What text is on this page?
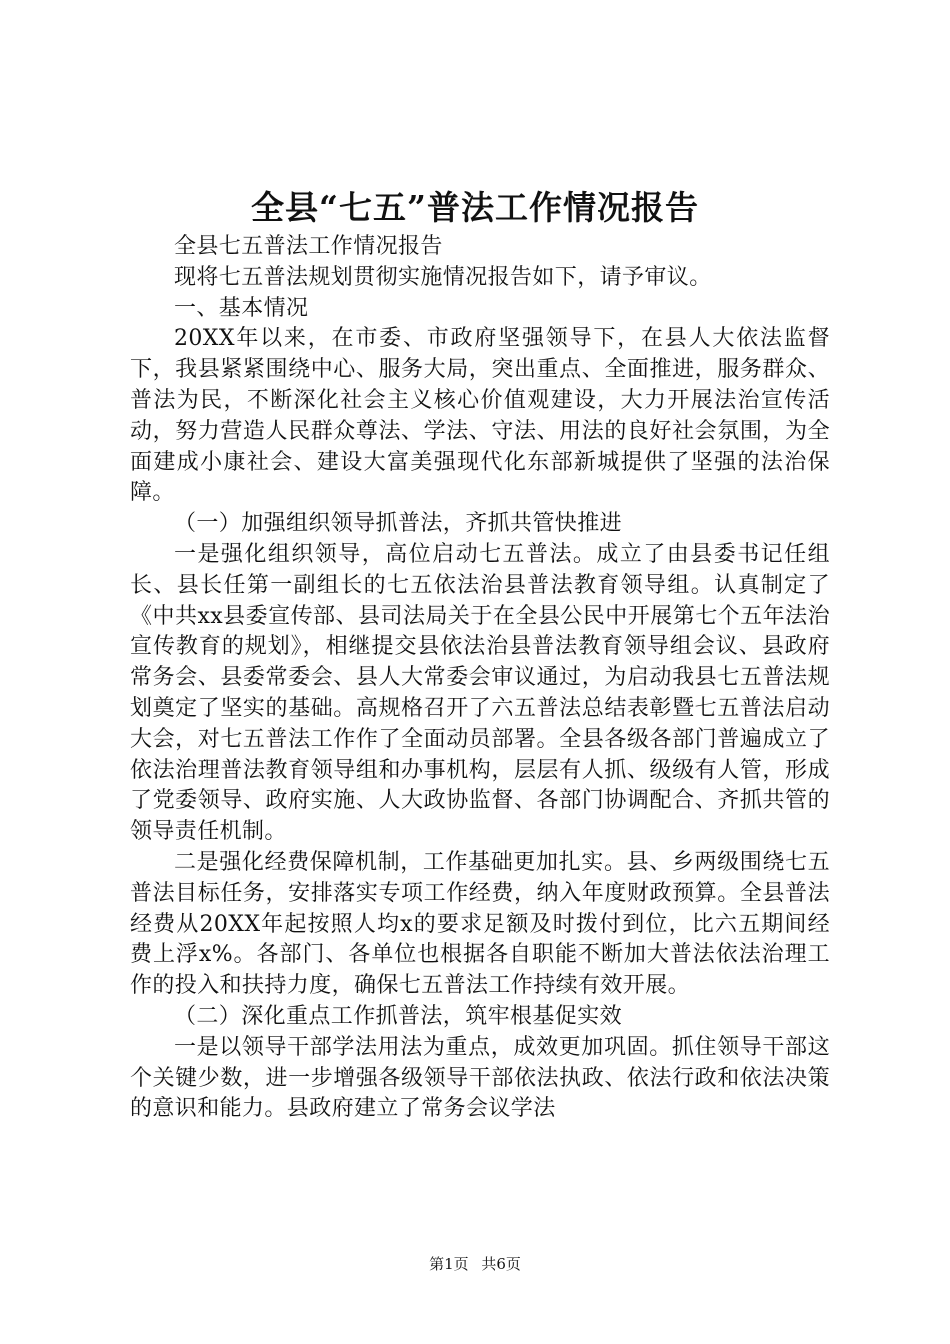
全县“七五”普法工作情况报告

全县七五普法工作情况报告

现将七五普法规划贯彻实施情况报告如下，请予审议。

一、基本情况

20XX年以来，在市委、市政府坚强领导下，在县人大依法监督下，我县紧紧围绕中心、服务大局，突出重点、全面推进，服务群众、普法为民，不断深化社会主义核心价值观建设，大力开展法治宣传活动，努力营造人民群众尊法、学法、守法、用法的良好社会氛围，为全面建成小康社会、建设大富美强现代化东部新城提供了坚强的法治保障。

（一）加强组织领导抓普法，齐抓共管快推进

一是强化组织领导，高位启动七五普法。成立了由县委书记任组长、县长任第一副组长的七五依法治县普法教育领导组。认真制定了《中共xx县委宣传部、县司法局关于在全县公民中开展第七个五年法治宣传教育的规划》，相继提交县依法治县普法教育领导组会议、县政府常务会、县委常委会、县人大常委会审议通过，为启动我县七五普法规划奠定了坚实的基础。高规格召开了六五普法总结表彰暨七五普法启动大会，对七五普法工作作了全面动员部署。全县各级各部门普遍成立了依法治理普法教育领导组和办事机构，层层有人抓、级级有人管，形成了党委领导、政府实施、人大政协监督、各部门协调配合、齐抓共管的领导责任机制。

二是强化经费保障机制，工作基础更加扎实。县、乡两级围绕七五普法目标任务，安排落实专项工作经费，纳入年度财政预算。全县普法经费从20XX年起按照人均x的要求足额及时拨付到位，比六五期间经费上浮x%。各部门、各单位也根据各自职能不断加大普法依法治理工作的投入和扶持力度，确保七五普法工作持续有效开展。

（二）深化重点工作抓普法，筑牢根基促实效

一是以领导干部学法用法为重点，成效更加巩固。抓住领导干部这个关键少数，进一步增强各级领导干部依法执政、依法行政和依法决策的意识和能力。县政府建立了常务会议学法

第1页 共6页
